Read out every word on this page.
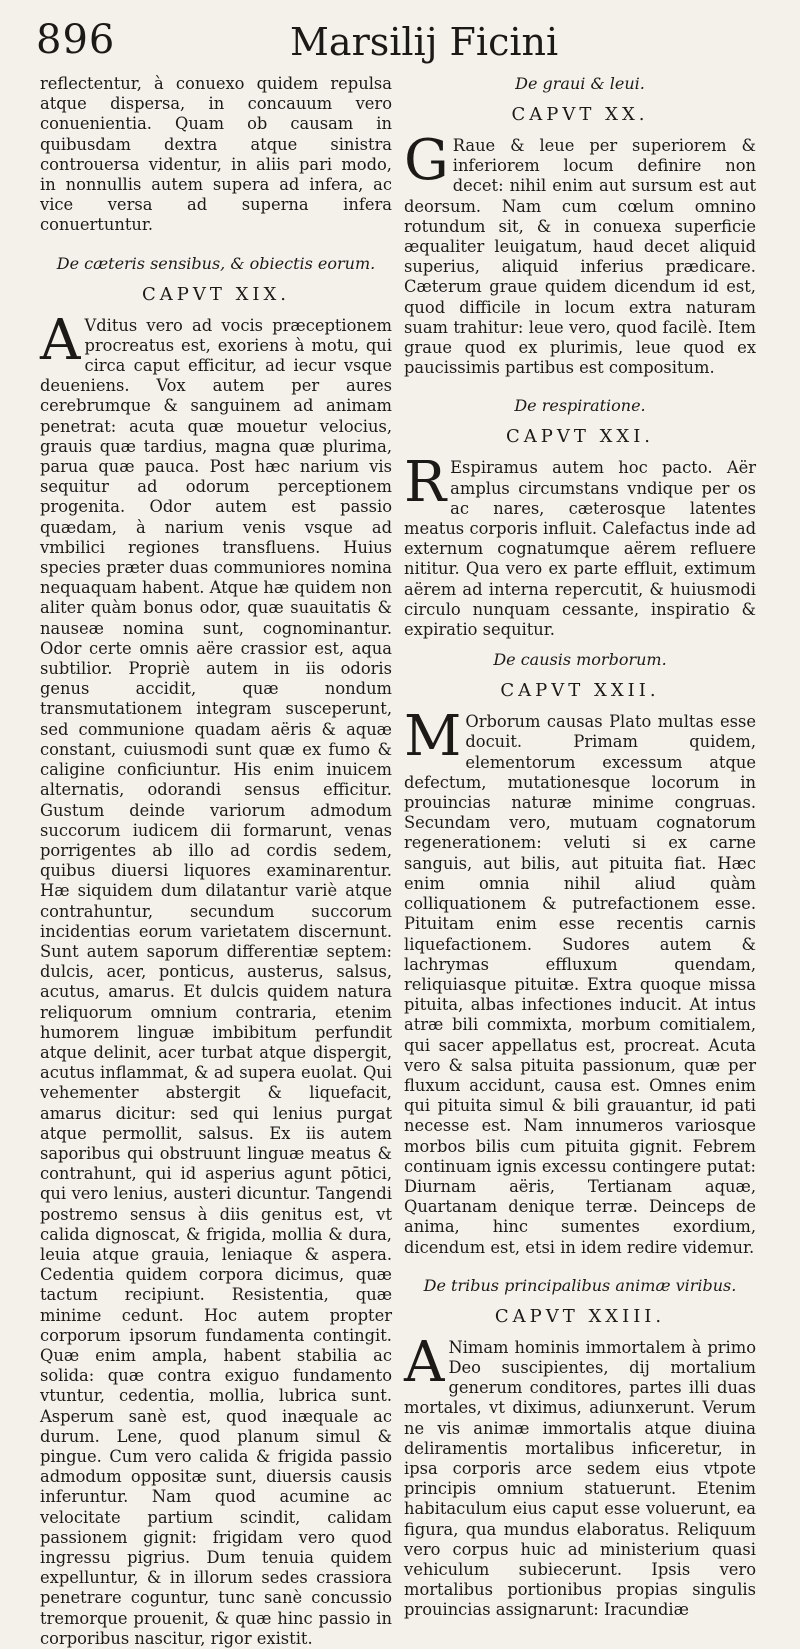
896	Marsilij Ficini

reflectentur, à conuexo quidem repulsa atque dispersa, in concauum vero conuenientia. Quam ob causam in quibusdam dextra atque sinistra controuersa videntur, in aliis pari modo, in nonnullis autem supera ad infera, ac vice versa ad superna infera conuertuntur.

De cæteris sensibus, & obiectis eorum.

CAPVT XIX.

A Vditus vero ad vocis præceptionem procreatus est, exoriens à motu, qui circa caput efficitur, ad iecur vsque deueniens. Vox autem per aures cerebrumque & sanguinem ad animam penetrat: acuta quæ mouetur velocius, grauis quæ tardius, magna quæ plurima, parua quæ pauca. Post hæc narium vis sequitur ad odorum perceptionem progenita. Odor autem est passio quædam, à narium venis vsque ad vmbilici regiones transfluens. Huius species præter duas communiores nomina nequaquam habent. Atque hæ quidem non aliter quàm bonus odor, quæ suauitatis & nauseæ nomina sunt, cognominantur. Odor certe omnis aëre crassior est, aqua subtilior. Propriè autem in iis odoris genus accidit, quæ nondum transmutationem integram susceperunt, sed communione quadam aëris & aquæ constant, cuiusmodi sunt quæ ex fumo & caligine conficiuntur. His enim inuicem alternatis, odorandi sensus efficitur. Gustum deinde variorum admodum succorum iudicem dii formarunt, venas porrigentes ab illo ad cordis sedem, quibus diuersi liquores examinarentur. Hæ siquidem dum dilatantur variè atque contrahuntur, secundum succorum incidentias eorum varietatem discernunt. Sunt autem saporum differentiæ septem: dulcis, acer, ponticus, austerus, salsus, acutus, amarus. Et dulcis quidem natura reliquorum omnium contraria, etenim humorem linguæ imbibitum perfundit atque delinit, acer turbat atque dispergit, acutus inflammat, & ad supera euolat. Qui vehementer abstergit & liquefacit, amarus dicitur: sed qui lenius purgat atque permollit, salsus. Ex iis autem saporibus qui obstruunt linguæ meatus & contrahunt, qui id asperius agunt pōtici, qui vero lenius, austeri dicuntur. Tangendi postremo sensus à diis genitus est, vt calida dignoscat, & frigida, mollia & dura, leuia atque grauia, leniaque & aspera. Cedentia quidem corpora dicimus, quæ tactum recipiunt. Resistentia, quæ minime cedunt. Hoc autem propter corporum ipsorum fundamenta contingit. Quæ enim ampla, habent stabilia ac solida: quæ contra exiguo fundamento vtuntur, cedentia, mollia, lubrica sunt. Asperum sanè est, quod inæquale ac durum. Lene, quod planum simul & pingue. Cum vero calida & frigida passio admodum oppositæ sunt, diuersis causis inferuntur. Nam quod acumine ac velocitate partium scindit, calidam passionem gignit: frigidam vero quod ingressu pigrius. Dum tenuia quidem expelluntur, & in illorum sedes crassiora penetrare coguntur, tunc sanè concussio tremorque prouenit, & quæ hinc passio in corporibus nascitur, rigor existit.

De graui & leui.

CAPVT XX.

G Raue & leue per superiorem & inferiorem locum definire non decet: nihil enim aut sursum est aut deorsum. Nam cum cœlum omnino rotundum sit, & in conuexa superficie æqualiter leuigatum, haud decet aliquid superius, aliquid inferius prædicare. Cæterum graue quidem dicendum id est, quod difficile in locum extra naturam suam trahitur: leue vero, quod facilè. Item graue quod ex plurimis, leue quod ex paucissimis partibus est compositum.

De respiratione.

CAPVT XXI.

R Espiramus autem hoc pacto. Aër amplus circumstans vndique per os ac nares, cæterosque latentes meatus corporis influit. Calefactus inde ad externum cognatumque aërem refluere nititur. Qua vero ex parte effluit, extimum aërem ad interna repercutit, & huiusmodi circulo nunquam cessante, inspiratio & expiratio sequitur.

De causis morborum.

CAPVT XXII.

M Orborum causas Plato multas esse docuit. Primam quidem, elementorum excessum atque defectum, mutationesque locorum in prouincias naturæ minime congruas. Secundam vero, mutuam cognatorum regenerationem: veluti si ex carne sanguis, aut bilis, aut pituita fiat. Hæc enim omnia nihil aliud quàm colliquationem & putrefactionem esse. Pituitam enim esse recentis carnis liquefactionem. Sudores autem & lachrymas effluxum quendam, reliquiasque pituitæ. Extra quoque missa pituita, albas infectiones inducit. At intus atræ bili commixta, morbum comitialem, qui sacer appellatus est, procreat. Acuta vero & salsa pituita passionum, quæ per fluxum accidunt, causa est. Omnes enim qui pituita simul & bili grauantur, id pati necesse est. Nam innumeros variosque morbos bilis cum pituita gignit. Febrem continuam ignis excessu contingere putat: Diurnam aëris, Tertianam aquæ, Quartanam denique terræ. Deinceps de anima, hinc sumentes exordium, dicendum est, etsi in idem redire videmur.

De tribus principalibus animæ viribus.

CAPVT XXIII.

A Nimam hominis immortalem à primo Deo suscipientes, dij mortalium generum conditores, partes illi duas mortales, vt diximus, adiunxerunt. Verum ne vis animæ immortalis atque diuina deliramentis mortalibus inficeretur, in ipsa corporis arce sedem eius vtpote principis omnium statuerunt. Etenim habitaculum eius caput esse voluerunt, ea figura, qua mundus elaboratus. Reliquum vero corpus huic ad ministerium quasi vehiculum subiecerunt. Ipsis vero mortalibus portionibus propias singulis prouincias assignarunt: Iracundiæ
